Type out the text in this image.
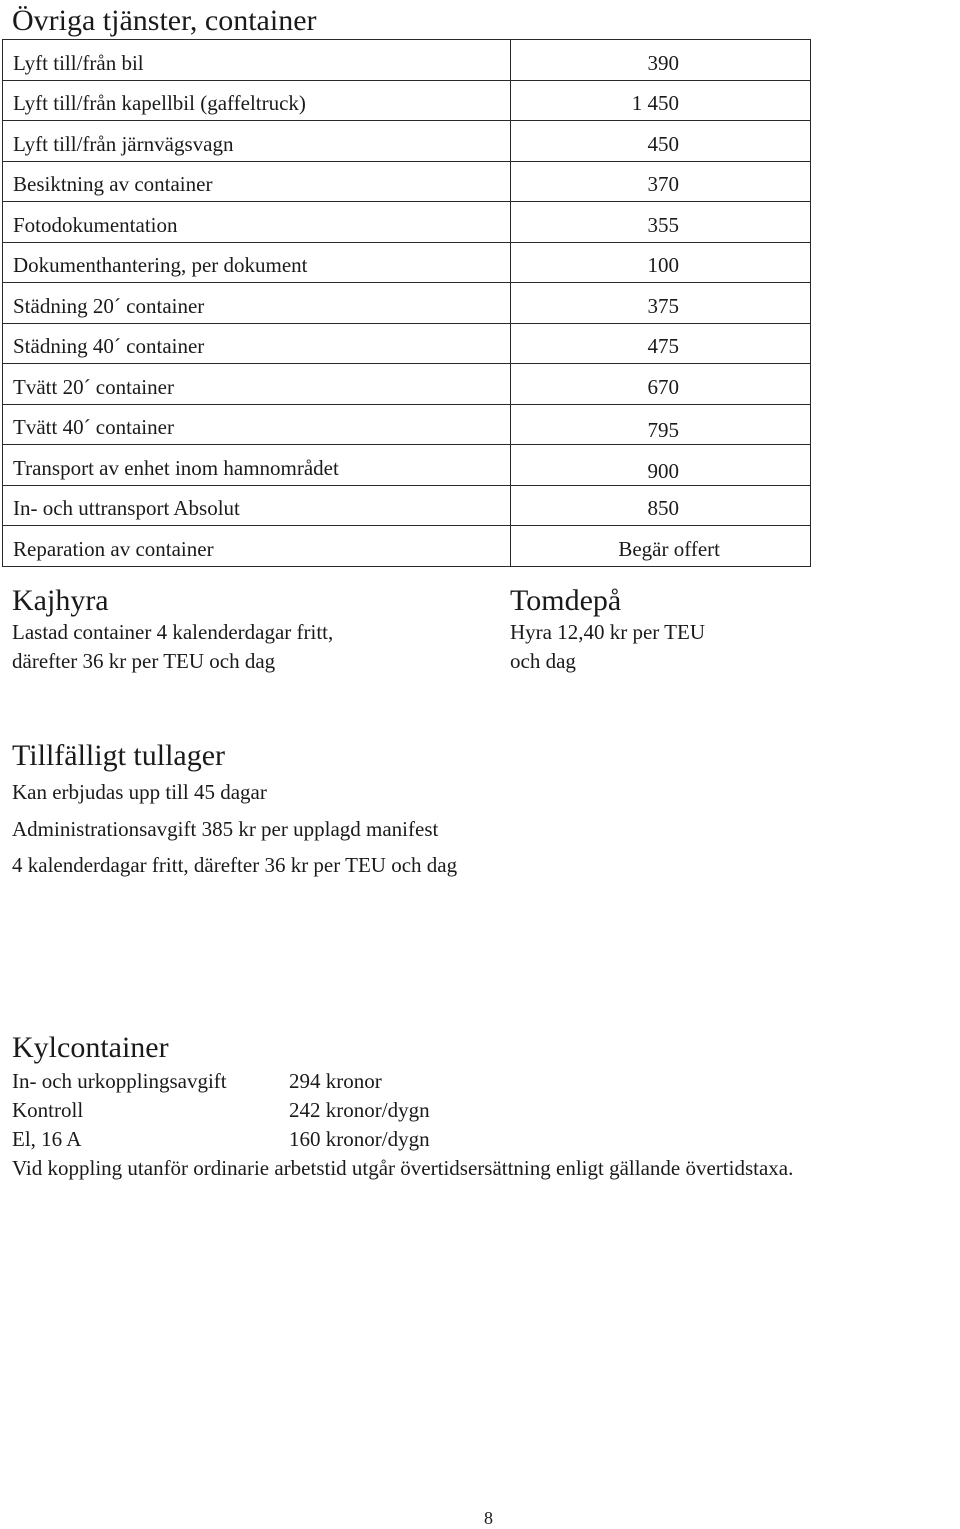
Övriga tjänster, container
Lyft till/från bil	390
Lyft till/från kapellbil (gaffeltruck)	1 450
Lyft till/från järnvägsvagn	450
Besiktning av container	370
Fotodokumentation	355
Dokumenthantering, per dokument	100
Städning 20´ container	375
Städning 40´ container	475
Tvätt 20´ container	670
Tvätt 40´ container	795
Transport av enhet inom hamnområdet	900
In- och uttransport Absolut	850
Reparation av container	Begär offert
Kajhyra

Lastad container 4 kalenderdagar fritt,

därefter 36 kr per TEU och dag

Tomdepå

Hyra 12,40 kr per TEU

och dag

Tillfälligt tullager
Kan erbjudas upp till 45 dagar
Administrationsavgift 385 kr per upplagd manifest
4 kalenderdagar fritt, därefter 36 kr per TEU och dag
Kylcontainer
In- och urkopplingsavgift	294 kronor
Kontroll	242 kronor/dygn
El, 16 A	160 kronor/dygn
Vid koppling utanför ordinarie arbetstid utgår övertidsersättning enligt gällande övertidstaxa.
8
